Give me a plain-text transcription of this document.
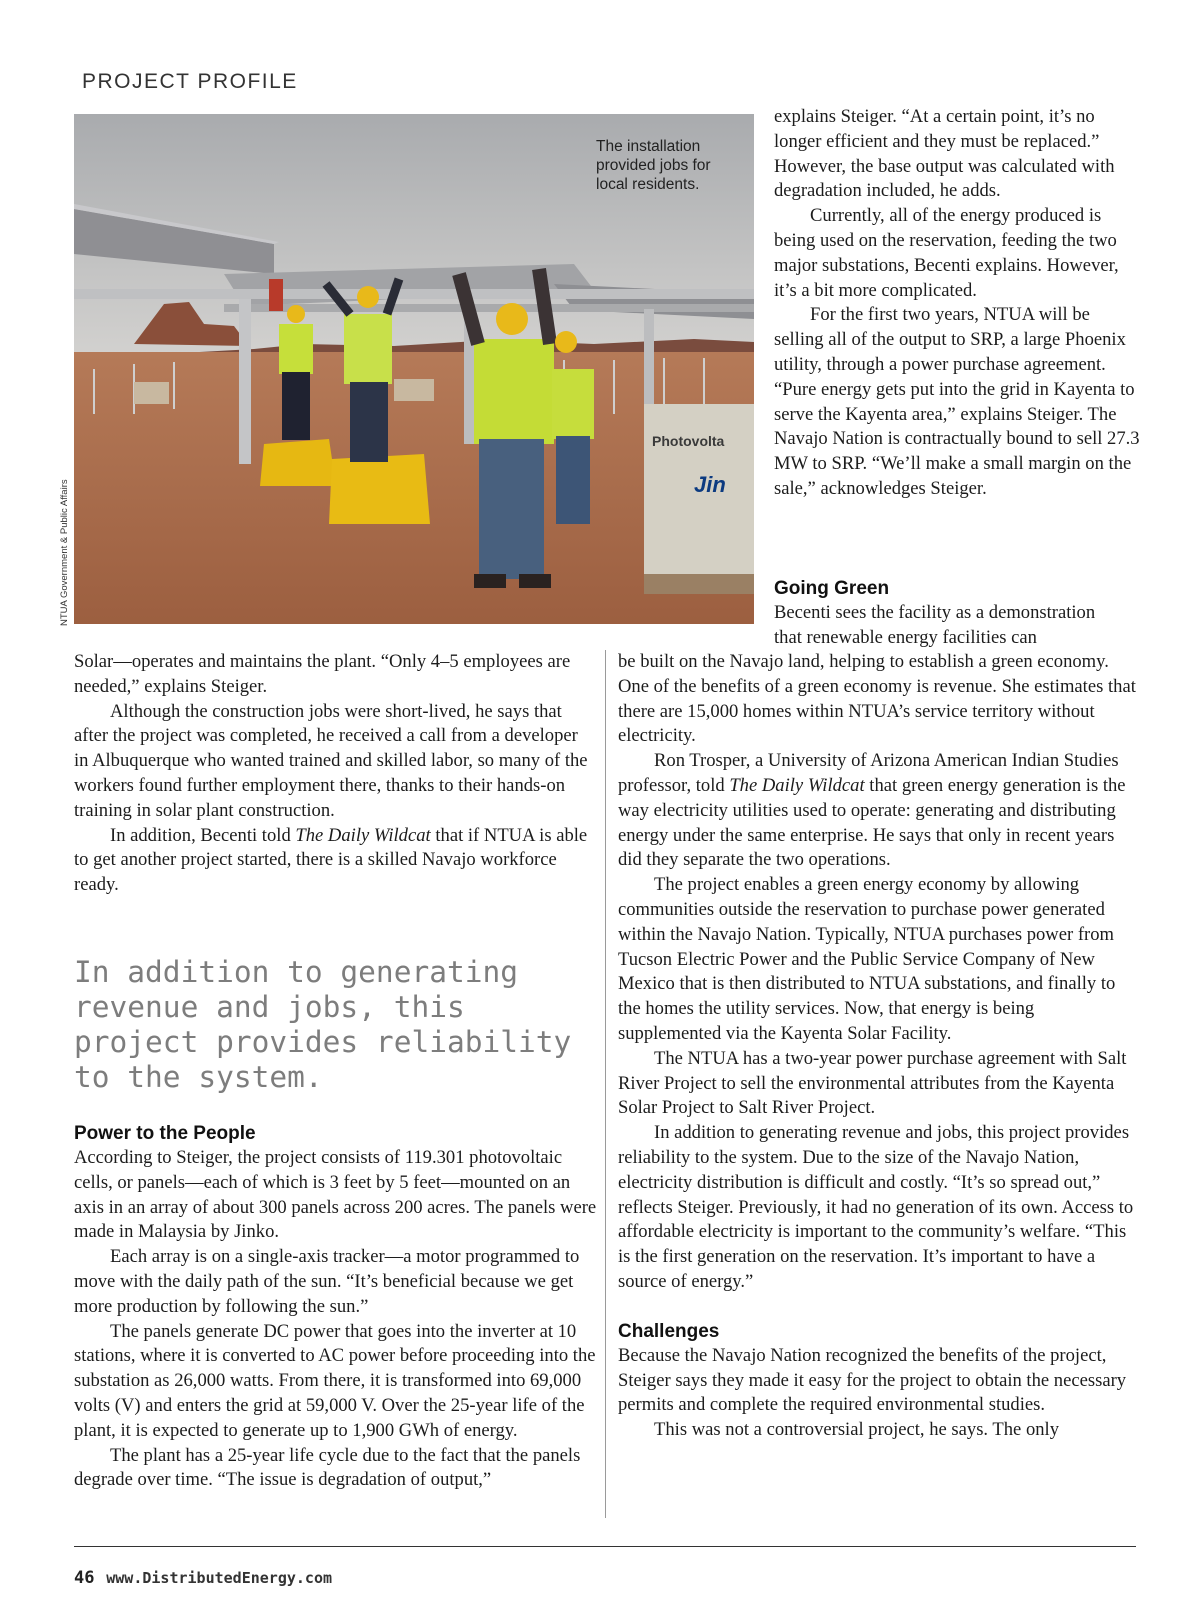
PROJECT PROFILE
Photovolta
Jin
The installation provided jobs for local residents.
NTUA Government & Public Affairs

explains Steiger. “At a certain point, it’s no longer efficient and they must be replaced.” However, the base output was calculated with degradation included, he adds.

Currently, all of the energy produced is being used on the reservation, feeding the two major substations, Becenti explains. However, it’s a bit more complicated.

For the first two years, NTUA will be selling all of the output to SRP, a large Phoenix utility, through a power purchase agreement. “Pure energy gets put into the grid in Kayenta to serve the Kayenta area,” explains Steiger. The Navajo Nation is contractually bound to sell 27.3 MW to SRP. “We’ll make a small margin on the sale,” acknowledges Steiger.

Going Green
Becenti sees the facility as a demonstration that renewable energy facilities can

be built on the Navajo land, helping to establish a green economy. One of the benefits of a green economy is revenue. She estimates that there are 15,000 homes within NTUA’s service territory without electricity.

Ron Trosper, a University of Arizona American Indian Studies professor, told The Daily Wildcat that green energy generation is the way electricity utilities used to operate: generating and distributing energy under the same enterprise. He says that only in recent years did they separate the two operations.

The project enables a green energy economy by allowing communities outside the reservation to purchase power generated within the Navajo Nation. Typically, NTUA purchases power from Tucson Electric Power and the Public Service Company of New Mexico that is then distributed to NTUA substations, and finally to the homes the utility services. Now, that energy is being supplemented via the Kayenta Solar Facility.

The NTUA has a two-year power purchase agreement with Salt River Project to sell the environmental attributes from the Kayenta Solar Project to Salt River Project.

In addition to generating revenue and jobs, this project provides reliability to the system. Due to the size of the Navajo Nation, electricity distribution is difficult and costly. “It’s so spread out,” reflects Steiger. Previously, it had no generation of its own. Access to affordable electricity is important to the community’s welfare. “This is the first generation on the reservation. It’s important to have a source of energy.”

Challenges

Because the Navajo Nation recognized the benefits of the project, Steiger says they made it easy for the project to obtain the necessary permits and complete the required environmental studies.

This was not a controversial project, he says. The only

Solar—operates and maintains the plant. “Only 4–5 employees are needed,” explains Steiger.

Although the construction jobs were short-lived, he says that after the project was completed, he received a call from a developer in Albuquerque who wanted trained and skilled labor, so many of the workers found further employment there, thanks to their hands-on training in solar plant construction.

In addition, Becenti told The Daily Wildcat that if NTUA is able to get another project started, there is a skilled Navajo workforce ready.

In addition to generating revenue and jobs, this project provides reliability to the system.
Power to the People

According to Steiger, the project consists of 119.301 photovoltaic cells, or panels—each of which is 3 feet by 5 feet—mounted on an axis in an array of about 300 panels across 200 acres. The panels were made in Malaysia by Jinko.

Each array is on a single-axis tracker—a motor programmed to move with the daily path of the sun. “It’s beneficial because we get more production by following the sun.”

The panels generate DC power that goes into the inverter at 10 stations, where it is converted to AC power before proceeding into the substation as 26,000 watts. From there, it is transformed into 69,000 volts (V) and enters the grid at 59,000 V. Over the 25-year life of the plant, it is expected to generate up to 1,900 GWh of energy.

The plant has a 25-year life cycle due to the fact that the panels degrade over time. “The issue is degradation of output,”

46 www.DistributedEnergy.com
